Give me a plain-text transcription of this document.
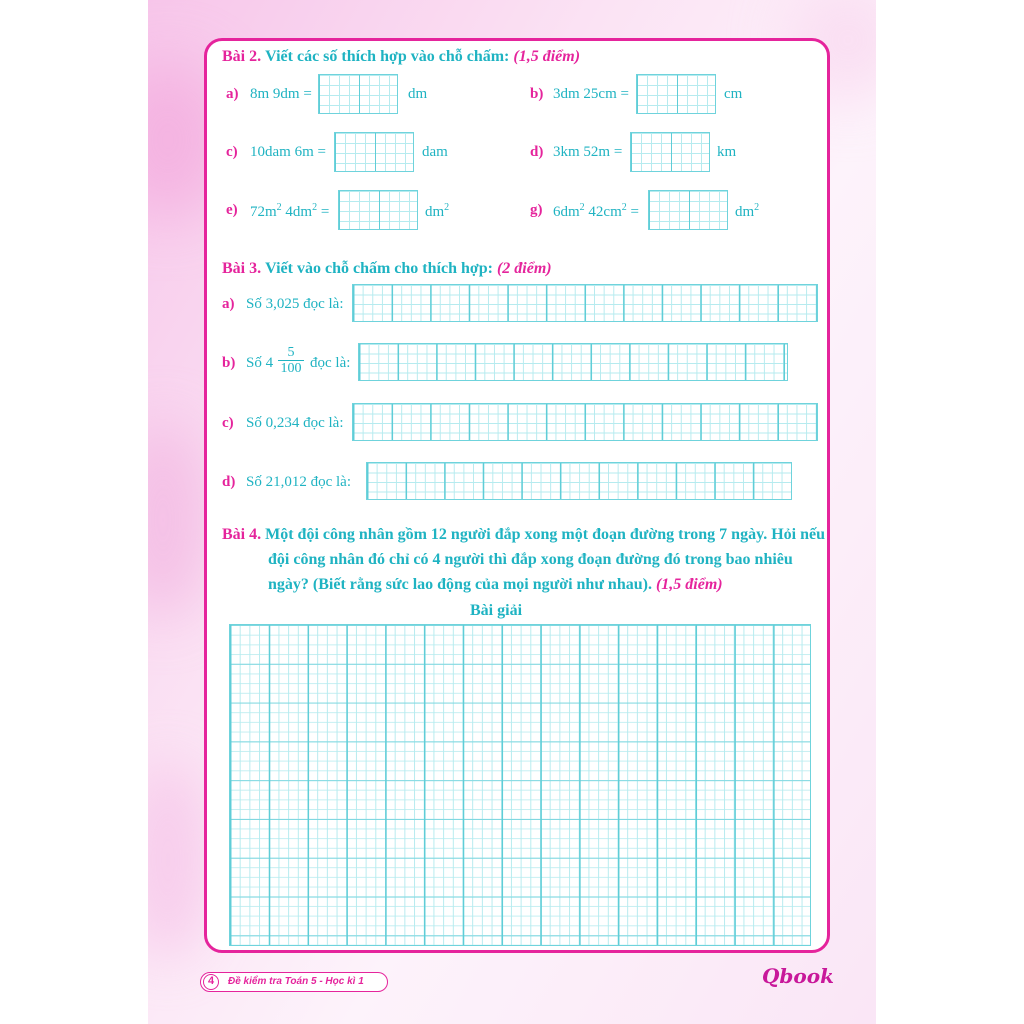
Bài 2. Viết các số thích hợp vào chỗ chấm: (1,5 điểm)
a) 8m 9dm =	dm	b) 3dm 25cm =	cm
c) 10dam 6m =	dam	d) 3km 52m =	km
e) $72m^2$ $4dm^2$ =	$dm^2$	g) $6dm^2$ $42cm^2$ =	$dm^2$
Bài 3. Viết vào chỗ chấm cho thích hợp: (2 điểm)
a) Số 3,025 đọc là:
b) Số $4 \frac{5}{100}$ đọc là:
c) Số 0,234 đọc là:
d) Số 21,012 đọc là:
Bài 4. Một đội công nhân gồm 12 người đắp xong một đoạn đường trong 7 ngày. Hỏi nếu
đội công nhân đó chỉ có 4 người thì đắp xong đoạn đường đó trong bao nhiêu
ngày? (Biết rằng sức lao động của mọi người như nhau). (1,5 điểm)
Bài giải
4	Đề kiểm tra Toán 5 - Học kì 1	Qbook
